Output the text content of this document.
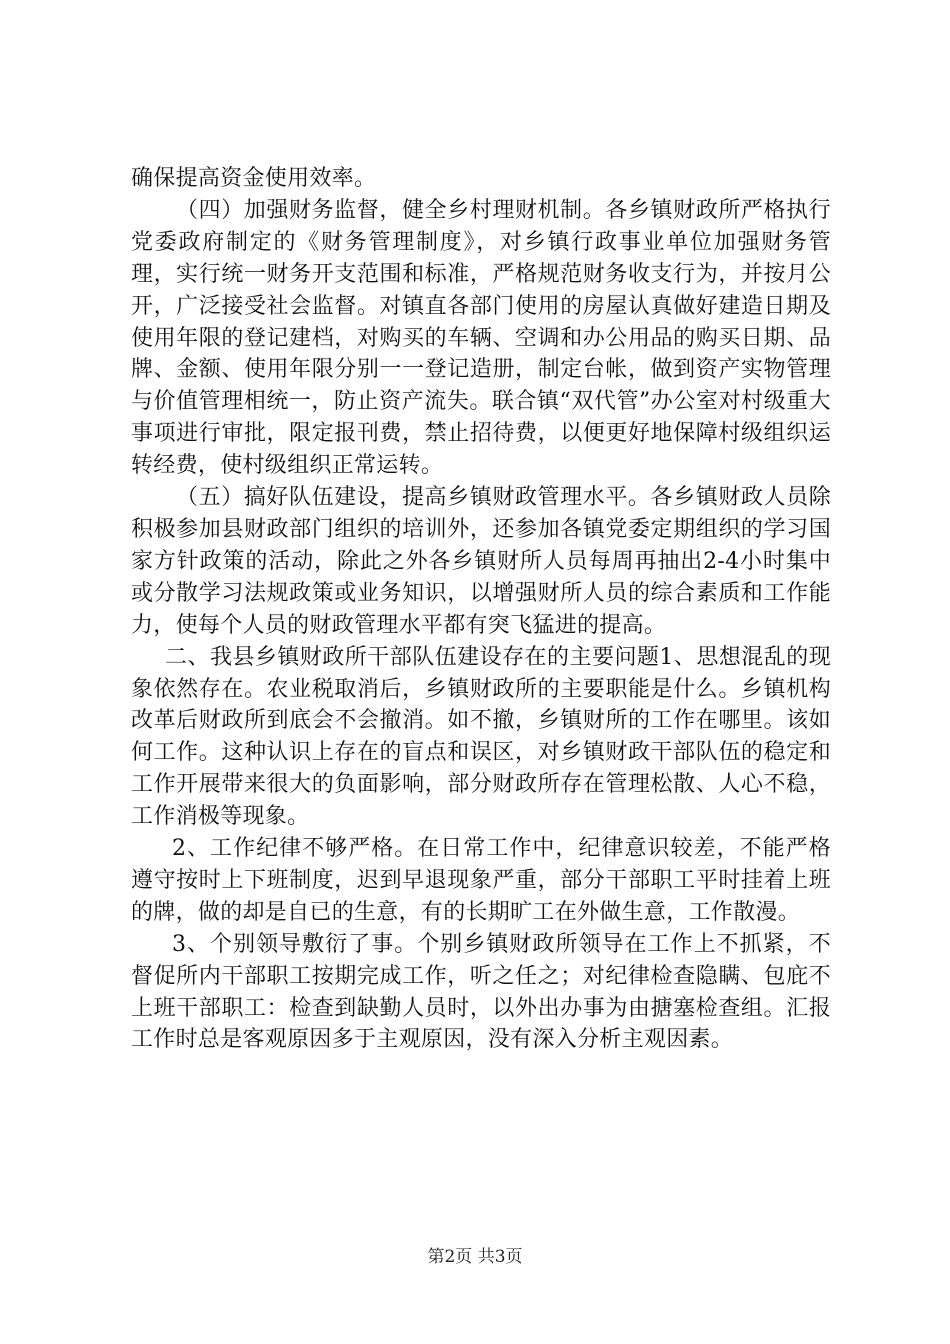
确保提高资金使用效率。

（四）加强财务监督，健全乡村理财机制。各乡镇财政所严格执行党委政府制定的《财务管理制度》，对乡镇行政事业单位加强财务管理，实行统一财务开支范围和标准，严格规范财务收支行为，并按月公开，广泛接受社会监督。对镇直各部门使用的房屋认真做好建造日期及使用年限的登记建档，对购买的车辆、空调和办公用品的购买日期、品牌、金额、使用年限分别一一登记造册，制定台帐，做到资产实物管理与价值管理相统一，防止资产流失。联合镇“双代管”办公室对村级重大事项进行审批，限定报刊费，禁止招待费，以便更好地保障村级组织运转经费，使村级组织正常运转。

（五）搞好队伍建设，提高乡镇财政管理水平。各乡镇财政人员除积极参加县财政部门组织的培训外，还参加各镇党委定期组织的学习国家方针政策的活动，除此之外各乡镇财所人员每周再抽出2-4小时集中或分散学习法规政策或业务知识，以增强财所人员的综合素质和工作能力，使每个人员的财政管理水平都有突飞猛进的提高。

二、我县乡镇财政所干部队伍建设存在的主要问题1、思想混乱的现象依然存在。农业税取消后，乡镇财政所的主要职能是什么。乡镇机构改革后财政所到底会不会撤消。如不撤，乡镇财所的工作在哪里。该如何工作。这种认识上存在的盲点和误区，对乡镇财政干部队伍的稳定和工作开展带来很大的负面影响，部分财政所存在管理松散、人心不稳，工作消极等现象。

2、工作纪律不够严格。在日常工作中，纪律意识较差，不能严格遵守按时上下班制度，迟到早退现象严重，部分干部职工平时挂着上班的牌，做的却是自已的生意，有的长期旷工在外做生意，工作散漫。

3、个别领导敷衍了事。个别乡镇财政所领导在工作上不抓紧，不督促所内干部职工按期完成工作，听之任之；对纪律检查隐瞒、包庇不上班干部职工：检查到缺勤人员时，以外出办事为由搪塞检查组。汇报工作时总是客观原因多于主观原因，没有深入分析主观因素。

第2页 共3页
